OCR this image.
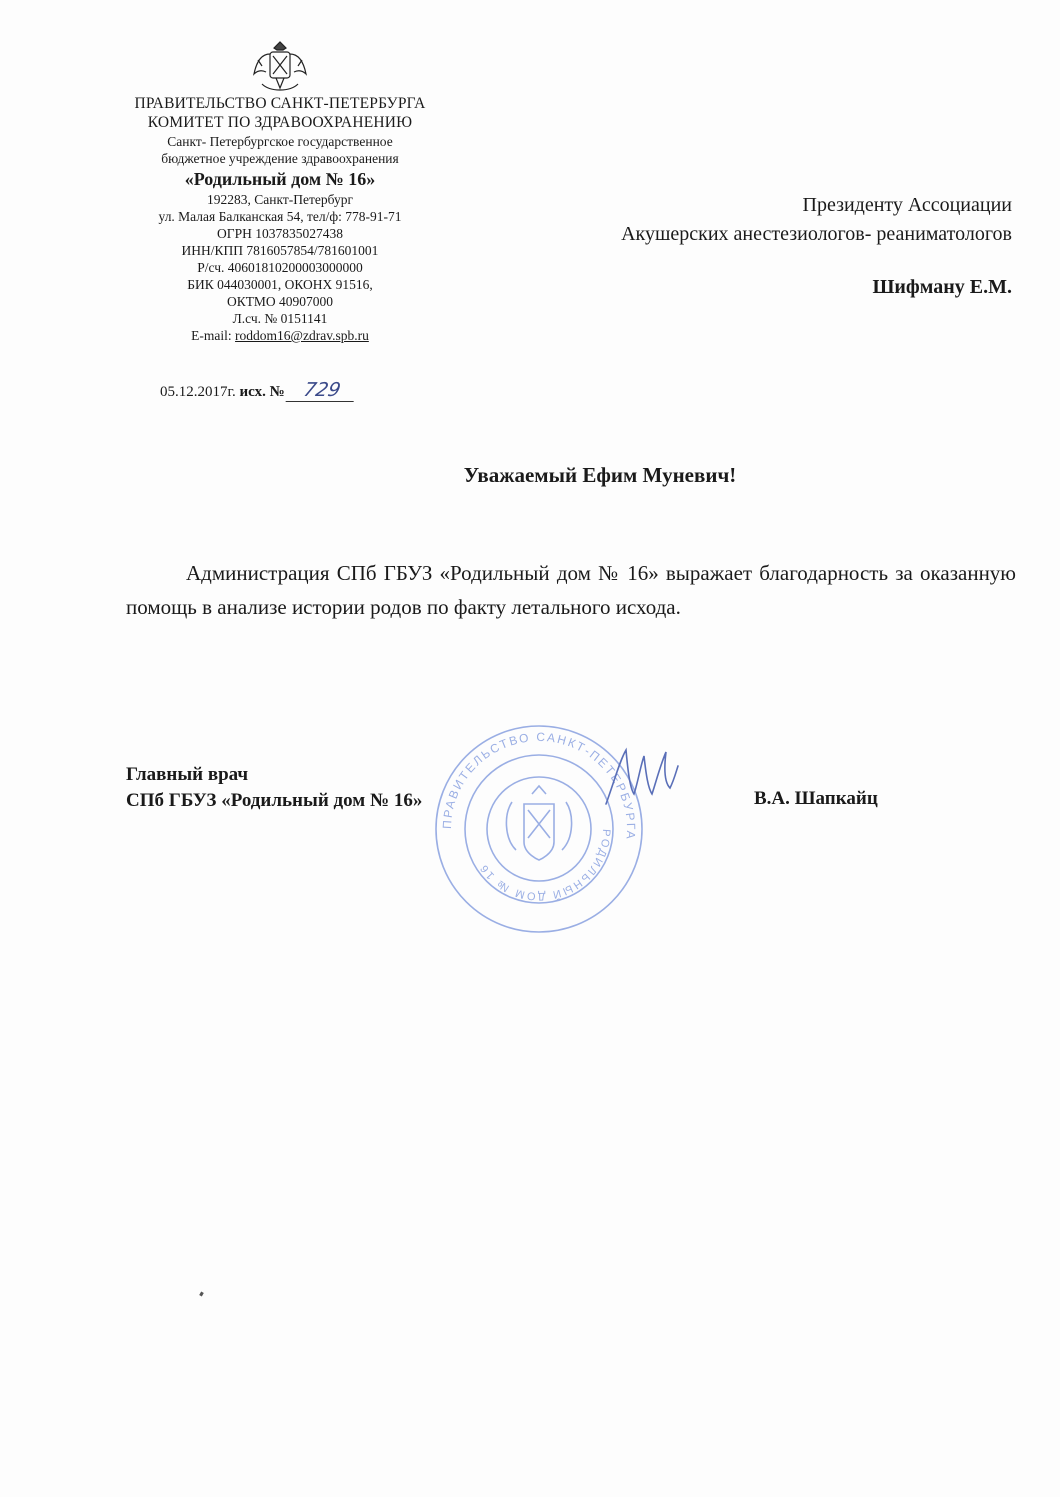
ПРАВИТЕЛЬСТВО САНКТ-ПЕТЕРБУРГА
КОМИТЕТ ПО ЗДРАВООХРАНЕНИЮ
Санкт- Петербургское государственное
бюджетное учреждение здравоохранения
«Родильный дом № 16»
192283, Санкт-Петербург
ул. Малая Балканская 54, тел/ф: 778-91-71
ОГРН 1037835027438
ИНН/КПП 7816057854/781601001
Р/сч. 40601810200003000000
БИК 044030001, ОКОНХ 91516,
ОКТМО 40907000
Л.сч. № 0151141
E-mail: roddom16@zdrav.spb.ru
05.12.2017г. исх. № 729
Президенту Ассоциации
Акушерских анестезиологов- реаниматологов
Шифману Е.М.
Уважаемый Ефим Муневич!
Администрация СПб ГБУЗ «Родильный дом № 16» выражает благодарность за оказанную помощь в анализе истории родов по факту летального исхода.
ПРАВИТЕЛЬСТВО САНКТ-ПЕТЕРБУРГА
РОДИЛЬНЫЙ ДОМ № 16
Главный врач
СПб ГБУЗ «Родильный дом № 16»	В.А. Шапкайц
